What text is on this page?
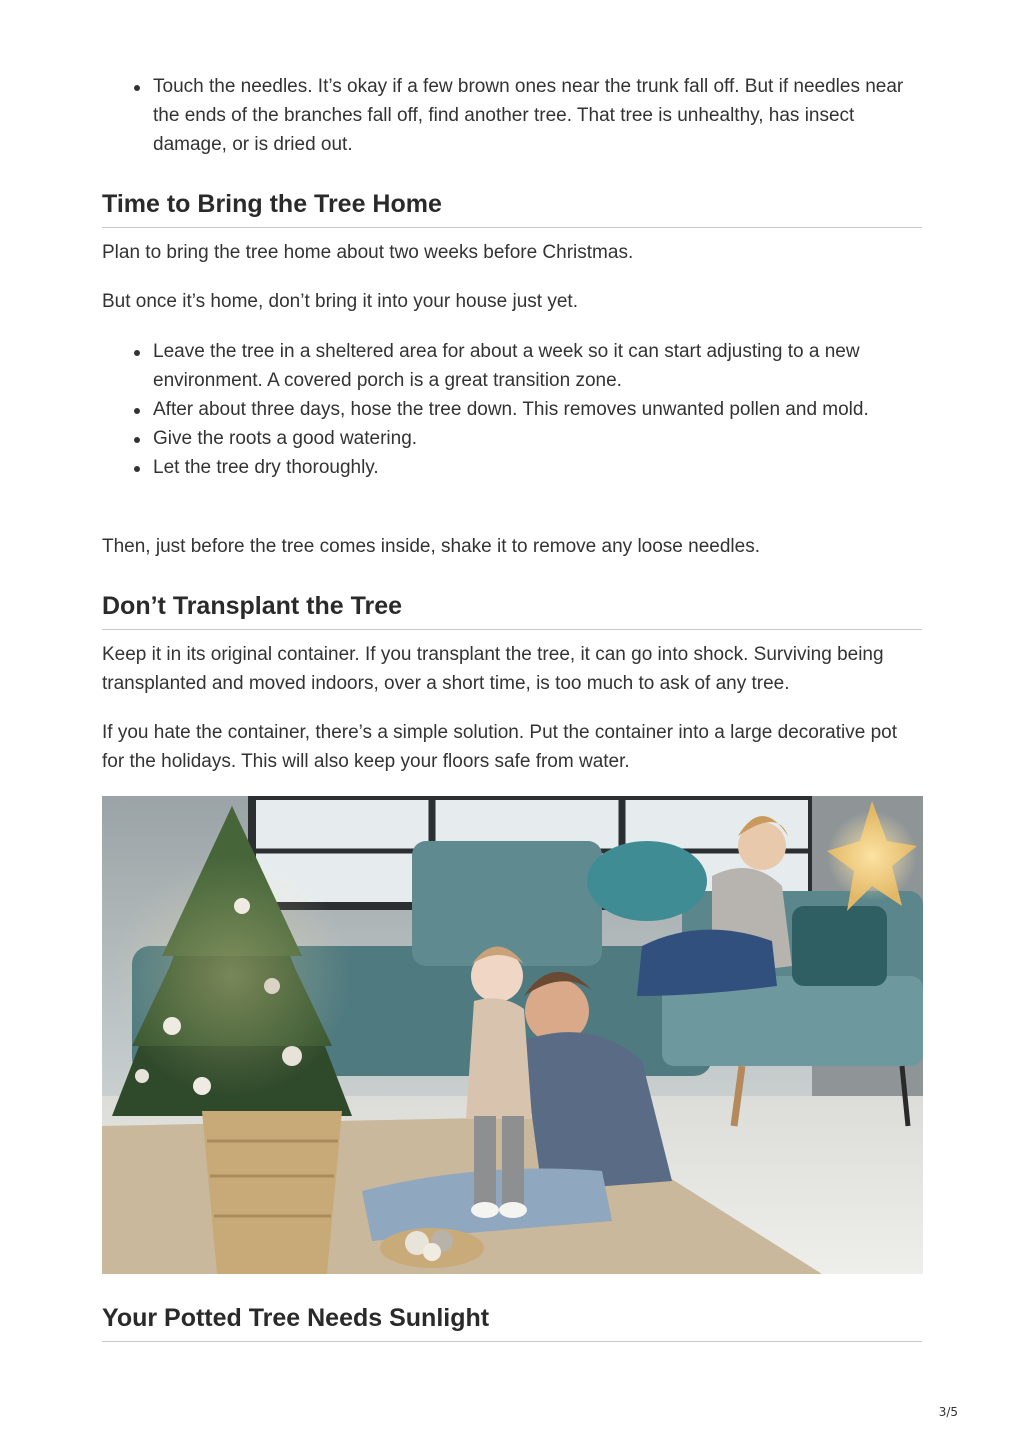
Touch the needles. It’s okay if a few brown ones near the trunk fall off. But if needles near the ends of the branches fall off, find another tree. That tree is unhealthy, has insect damage, or is dried out.
Time to Bring the Tree Home

Plan to bring the tree home about two weeks before Christmas.

But once it’s home, don’t bring it into your house just yet.

Leave the tree in a sheltered area for about a week so it can start adjusting to a new environment. A covered porch is a great transition zone.
After about three days, hose the tree down. This removes unwanted pollen and mold.
Give the roots a good watering.
Let the tree dry thoroughly.

Then, just before the tree comes inside, shake it to remove any loose needles.

Don’t Transplant the Tree

Keep it in its original container. If you transplant the tree, it can go into shock. Surviving being transplanted and moved indoors, over a short time, is too much to ask of any tree.

If you hate the container, there’s a simple solution. Put the container into a large decorative pot for the holidays. This will also keep your floors safe from water.

Your Potted Tree Needs Sunlight
3/5
